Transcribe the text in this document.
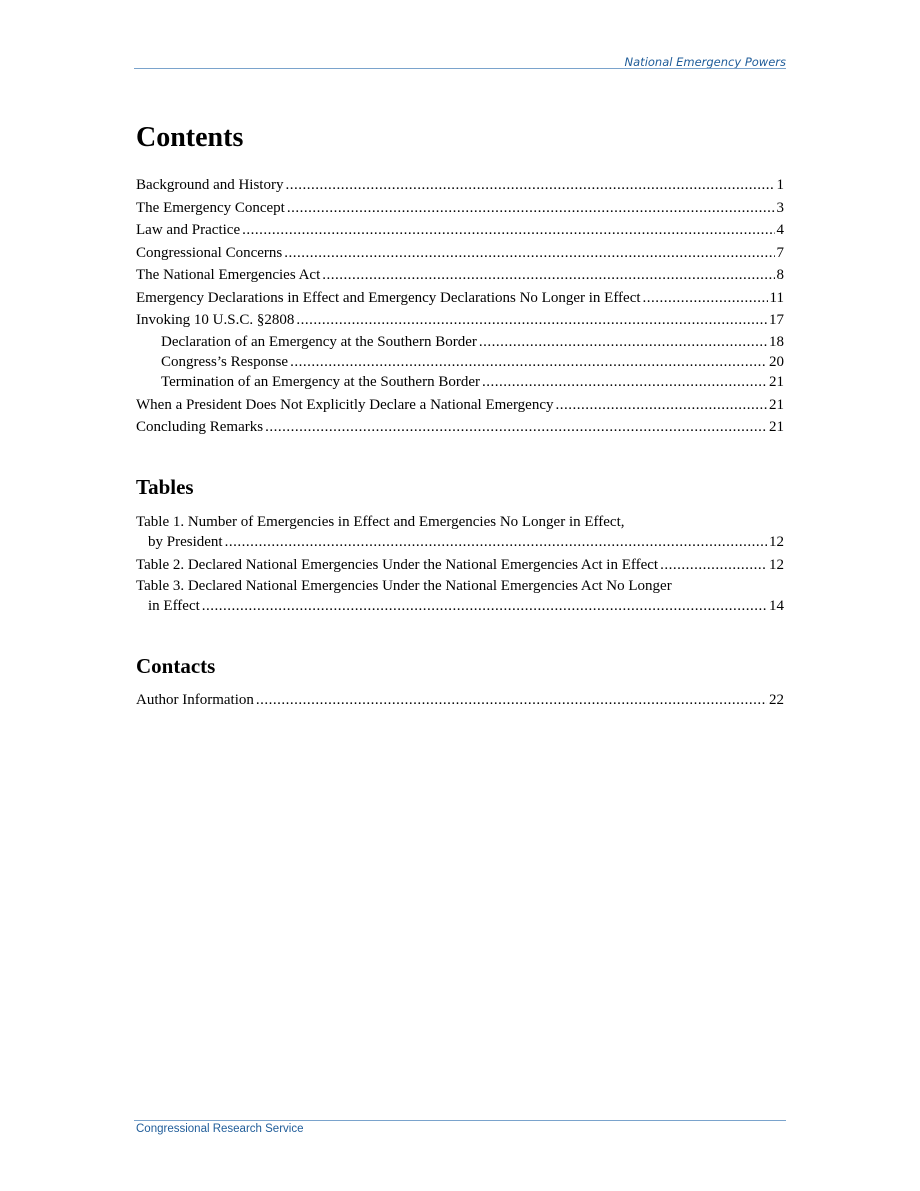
National Emergency Powers
Contents
Background and History .....	1
The Emergency Concept .....	3
Law and Practice .....	4
Congressional Concerns .....	7
The National Emergencies Act .....	8
Emergency Declarations in Effect and Emergency Declarations No Longer in Effect .....	11
Invoking 10 U.S.C. §2808 .....	17
Declaration of an Emergency at the Southern Border .....	18
Congress’s Response .....	20
Termination of an Emergency at the Southern Border .....	21
When a President Does Not Explicitly Declare a National Emergency .....	21
Concluding Remarks .....	21
Tables
Table 1. Number of Emergencies in Effect and Emergencies No Longer in Effect,
by President .....	12
Table 2. Declared National Emergencies Under the National Emergencies Act in Effect .....	12
Table 3. Declared National Emergencies Under the National Emergencies Act No Longer
in Effect .....	14
Contacts
Author Information .....	22
Congressional Research Service
